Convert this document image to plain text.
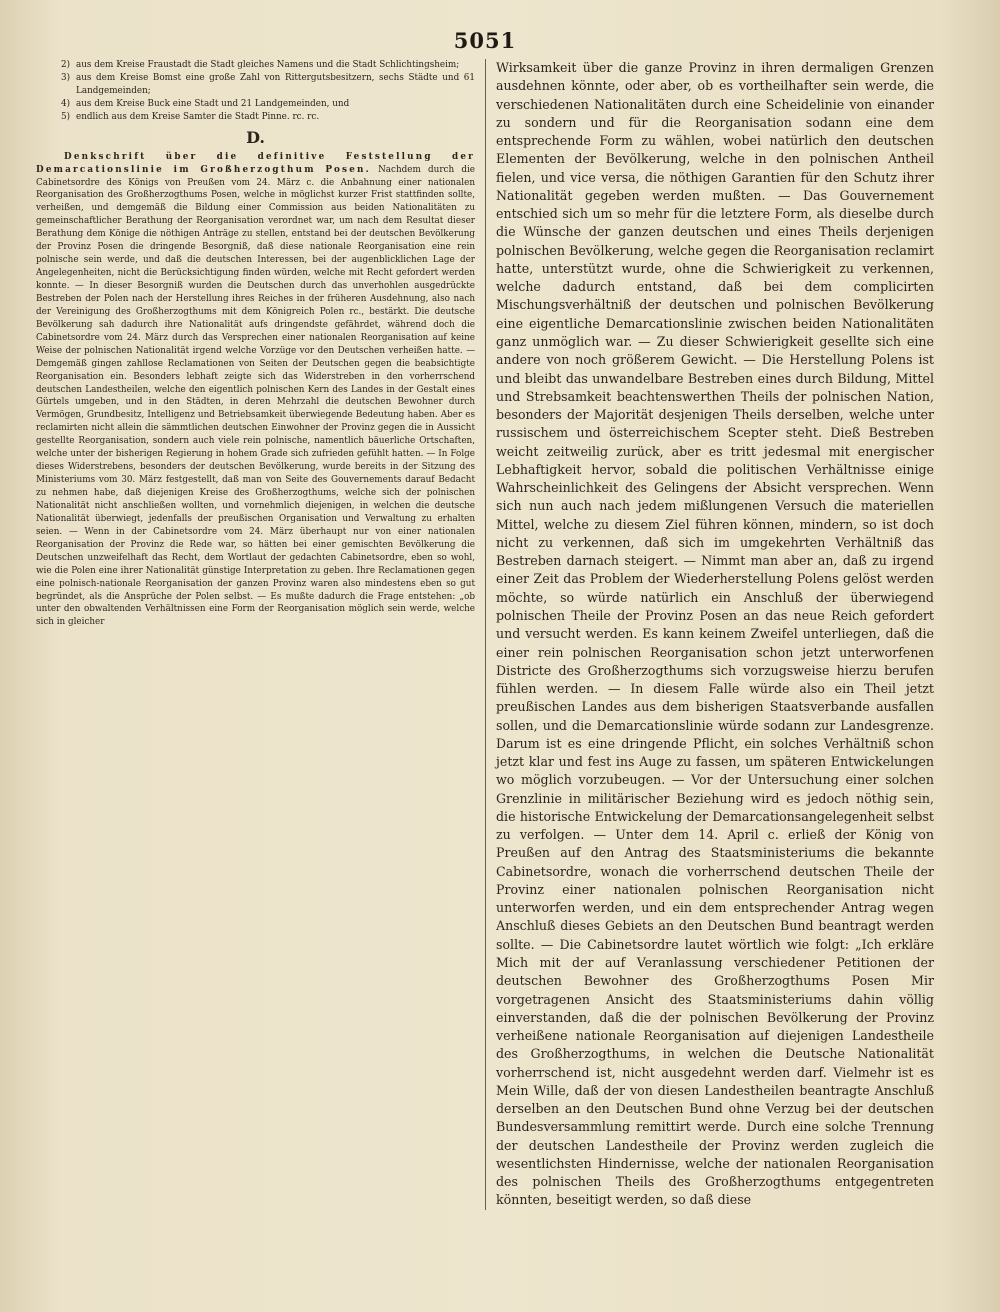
5051
2) aus dem Kreise Fraustadt die Stadt gleiches Namens und die Stadt Schlichtingsheim;
3) aus dem Kreise Bomst eine große Zahl von Rittergutsbesitzern, sechs Städte und 61 Landgemeinden;
4) aus dem Kreise Buck eine Stadt und 21 Landgemeinden, und
5) endlich aus dem Kreise Samter die Stadt Pinne. rc. rc.
D.

Denkschrift über die definitive Feststellung der Demarcationslinie im Großherzogthum Posen. Nachdem durch die Cabinetsordre des Königs von Preußen vom 24. März c. die Anbahnung einer nationalen Reorganisation des Großherzogthums Posen, welche in möglichst kurzer Frist stattfinden sollte, verheißen, und demgemäß die Bildung einer Commission aus beiden Nationalitäten zu gemeinschaftlicher Berathung der Reorganisation verordnet war, um nach dem Resultat dieser Berathung dem Könige die nöthigen Anträge zu stellen, entstand bei der deutschen Bevölkerung der Provinz Posen die dringende Besorgniß, daß diese nationale Reorganisation eine rein polnische sein werde, und daß die deutschen Interessen, bei der augenblicklichen Lage der Angelegenheiten, nicht die Berücksichtigung finden würden, welche mit Recht gefordert werden konnte. — In dieser Besorgniß wurden die Deutschen durch das unverhohlen ausgedrückte Bestreben der Polen nach der Herstellung ihres Reiches in der früheren Ausdehnung, also nach der Vereinigung des Großherzogthums mit dem Königreich Polen rc., bestärkt. Die deutsche Bevölkerung sah dadurch ihre Nationalität aufs dringendste gefährdet, während doch die Cabinetsordre vom 24. März durch das Versprechen einer nationalen Reorganisation auf keine Weise der polnischen Nationalität irgend welche Vorzüge vor den Deutschen verheißen hatte. — Demgemäß gingen zahllose Reclamationen von Seiten der Deutschen gegen die beabsichtigte Reorganisation ein. Besonders lebhaft zeigte sich das Widerstreben in den vorherrschend deutschen Landestheilen, welche den eigentlich polnischen Kern des Landes in der Gestalt eines Gürtels umgeben, und in den Städten, in deren Mehrzahl die deutschen Bewohner durch Vermögen, Grundbesitz, Intelligenz und Betriebsamkeit überwiegende Bedeutung haben. Aber es reclamirten nicht allein die sämmtlichen deutschen Einwohner der Provinz gegen die in Aussicht gestellte Reorganisation, sondern auch viele rein polnische, namentlich bäuerliche Ortschaften, welche unter der bisherigen Regierung in hohem Grade sich zufrieden gefühlt hatten. — In Folge dieses Widerstrebens, besonders der deutschen Bevölkerung, wurde bereits in der Sitzung des Ministeriums vom 30. März festgestellt, daß man von Seite des Gouvernements darauf Bedacht zu nehmen habe, daß diejenigen Kreise des Großherzogthums, welche sich der polnischen Nationalität nicht anschließen wollten, und vornehmlich diejenigen, in welchen die deutsche Nationalität überwiegt, jedenfalls der preußischen Organisation und Verwaltung zu erhalten seien. — Wenn in der Cabinetsordre vom 24. März überhaupt nur von einer nationalen Reorganisation der Provinz die Rede war, so hätten bei einer gemischten Bevölkerung die Deutschen unzweifelhaft das Recht, dem Wortlaut der gedachten Cabinetsordre, eben so wohl, wie die Polen eine ihrer Nationalität günstige Interpretation zu geben. Ihre Reclamationen gegen eine polnisch-nationale Reorganisation der ganzen Provinz waren also mindestens eben so gut begründet, als die Ansprüche der Polen selbst. — Es mußte dadurch die Frage entstehen: „ob unter den obwaltenden Verhältnissen eine Form der Reorganisation möglich sein werde, welche sich in gleicher

Wirksamkeit über die ganze Provinz in ihren dermaligen Grenzen ausdehnen könnte, oder aber, ob es vortheilhafter sein werde, die verschiedenen Nationalitäten durch eine Scheidelinie von einander zu sondern und für die Reorganisation sodann eine dem entsprechende Form zu wählen, wobei natürlich den deutschen Elementen der Bevölkerung, welche in den polnischen Antheil fielen, und vice versa, die nöthigen Garantien für den Schutz ihrer Nationalität gegeben werden mußten. — Das Gouvernement entschied sich um so mehr für die letztere Form, als dieselbe durch die Wünsche der ganzen deutschen und eines Theils derjenigen polnischen Bevölkerung, welche gegen die Reorganisation reclamirt hatte, unterstützt wurde, ohne die Schwierigkeit zu verkennen, welche dadurch entstand, daß bei dem complicirten Mischungsverhältniß der deutschen und polnischen Bevölkerung eine eigentliche Demarcationslinie zwischen beiden Nationalitäten ganz unmöglich war. — Zu dieser Schwierigkeit gesellte sich eine andere von noch größerem Gewicht. — Die Herstellung Polens ist und bleibt das unwandelbare Bestreben eines durch Bildung, Mittel und Strebsamkeit beachtenswerthen Theils der polnischen Nation, besonders der Majorität desjenigen Theils derselben, welche unter russischem und österreichischem Scepter steht. Dieß Bestreben weicht zeitweilig zurück, aber es tritt jedesmal mit energischer Lebhaftigkeit hervor, sobald die politischen Verhältnisse einige Wahrscheinlichkeit des Gelingens der Absicht versprechen. Wenn sich nun auch nach jedem mißlungenen Versuch die materiellen Mittel, welche zu diesem Ziel führen können, mindern, so ist doch nicht zu verkennen, daß sich im umgekehrten Verhältniß das Bestreben darnach steigert. — Nimmt man aber an, daß zu irgend einer Zeit das Problem der Wiederherstellung Polens gelöst werden möchte, so würde natürlich ein Anschluß der überwiegend polnischen Theile der Provinz Posen an das neue Reich gefordert und versucht werden. Es kann keinem Zweifel unterliegen, daß die einer rein polnischen Reorganisation schon jetzt unterworfenen Districte des Großherzogthums sich vorzugsweise hierzu berufen fühlen werden. — In diesem Falle würde also ein Theil jetzt preußischen Landes aus dem bisherigen Staatsverbande ausfallen sollen, und die Demarcationslinie würde sodann zur Landesgrenze. Darum ist es eine dringende Pflicht, ein solches Verhältniß schon jetzt klar und fest ins Auge zu fassen, um späteren Entwickelungen wo möglich vorzubeugen. — Vor der Untersuchung einer solchen Grenzlinie in militärischer Beziehung wird es jedoch nöthig sein, die historische Entwickelung der Demarcationsangelegenheit selbst zu verfolgen. — Unter dem 14. April c. erließ der König von Preußen auf den Antrag des Staatsministeriums die bekannte Cabinetsordre, wonach die vorherrschend deutschen Theile der Provinz einer nationalen polnischen Reorganisation nicht unterworfen werden, und ein dem entsprechender Antrag wegen Anschluß dieses Gebiets an den Deutschen Bund beantragt werden sollte. — Die Cabinetsordre lautet wörtlich wie folgt: „Ich erkläre Mich mit der auf Veranlassung verschiedener Petitionen der deutschen Bewohner des Großherzogthums Posen Mir vorgetragenen Ansicht des Staatsministeriums dahin völlig einverstanden, daß die der polnischen Bevölkerung der Provinz verheißene nationale Reorganisation auf diejenigen Landestheile des Großherzogthums, in welchen die Deutsche Nationalität vorherrschend ist, nicht ausgedehnt werden darf. Vielmehr ist es Mein Wille, daß der von diesen Landestheilen beantragte Anschluß derselben an den Deutschen Bund ohne Verzug bei der deutschen Bundesversammlung remittirt werde. Durch eine solche Trennung der deutschen Landestheile der Provinz werden zugleich die wesentlichsten Hindernisse, welche der nationalen Reorganisation des polnischen Theils des Großherzogthums entgegentreten könnten, beseitigt werden, so daß diese
